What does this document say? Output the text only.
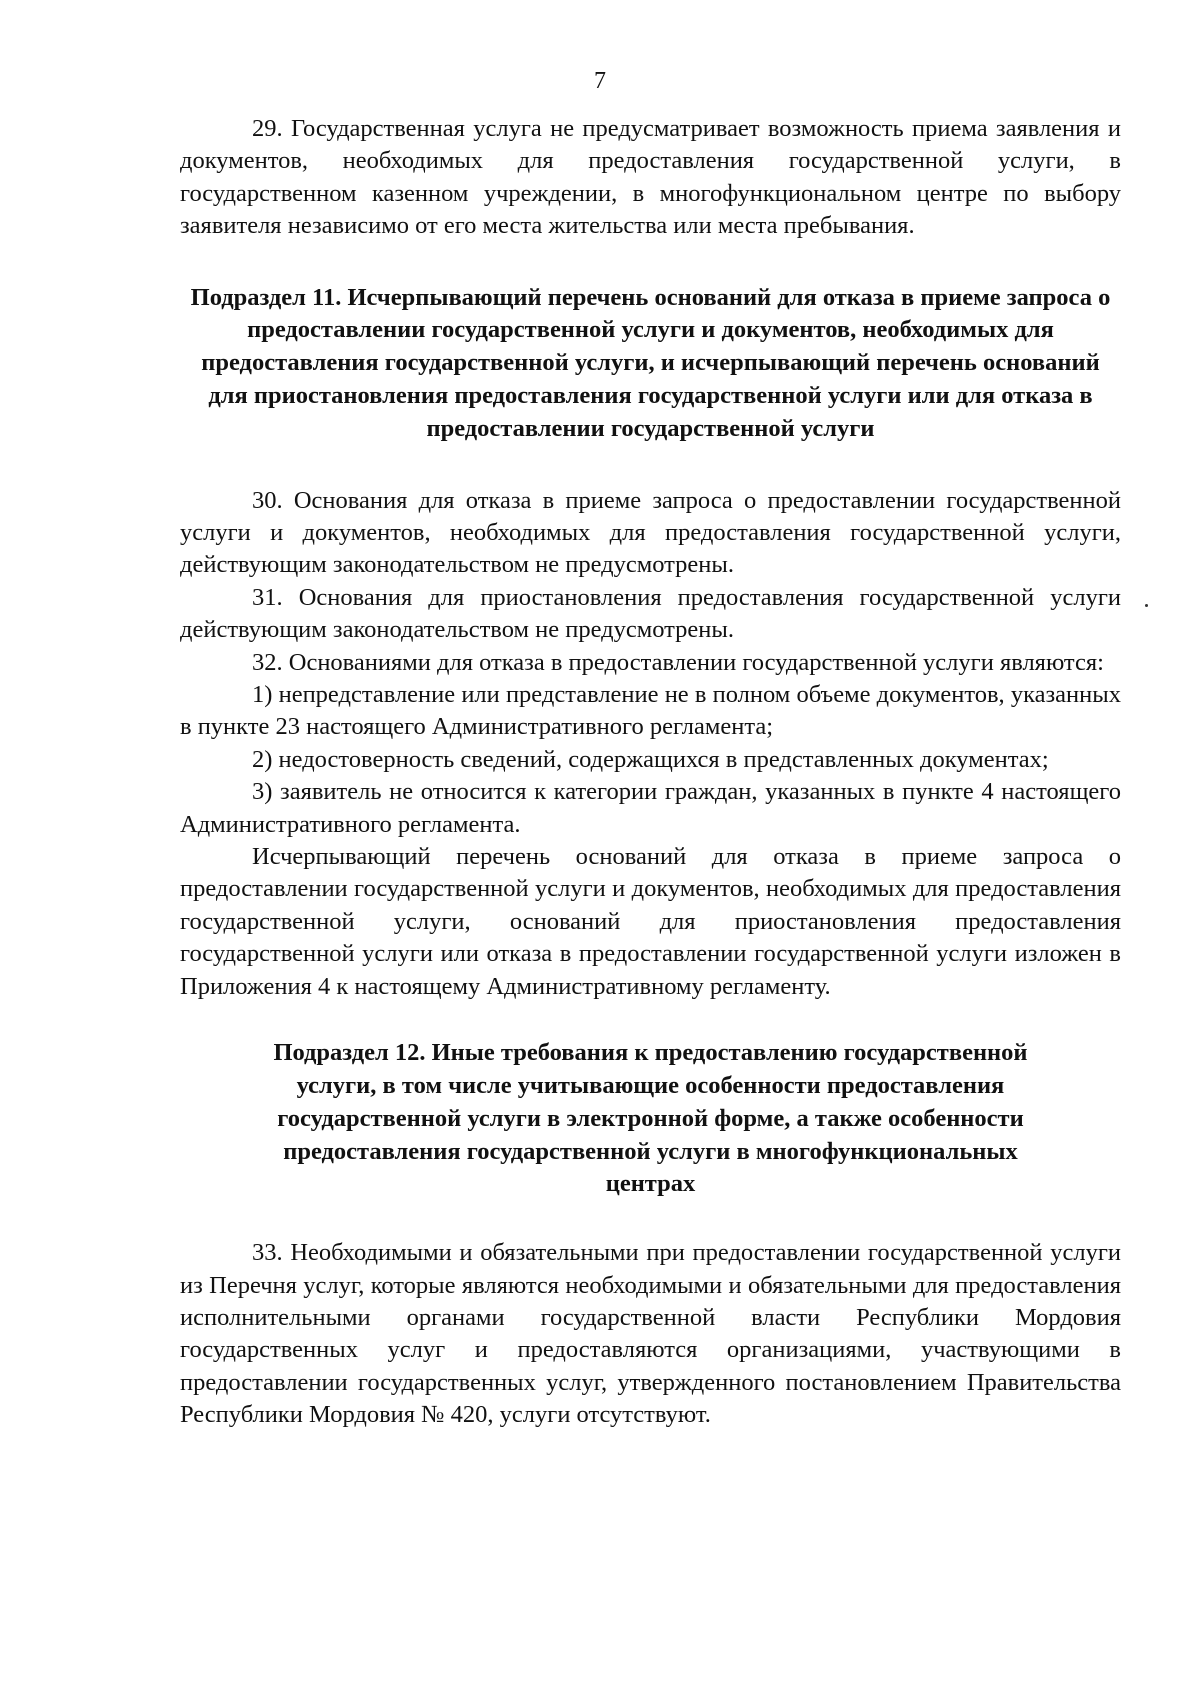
7

29. Государственная услуга не предусматривает возможность приема заявления и документов, необходимых для предоставления государственной услуги, в государственном казенном учреждении, в многофункциональном центре по выбору заявителя независимо от его места жительства или места пребывания.

Подраздел 11. Исчерпывающий перечень оснований для отказа в приеме запроса о предоставлении государственной услуги и документов, необходимых для предоставления государственной услуги, и исчерпывающий перечень оснований для приостановления предоставления государственной услуги или для отказа в предоставлении государственной услуги

30. Основания для отказа в приеме запроса о предоставлении государственной услуги и документов, необходимых для предоставления государственной услуги, действующим законодательством не предусмотрены.

31. Основания для приостановления предоставления государственной услуги действующим законодательством не предусмотрены.

32. Основаниями для отказа в предоставлении государственной услуги являются:

1) непредставление или представление не в полном объеме документов, указанных в пункте 23 настоящего Административного регламента;

2) недостоверность сведений, содержащихся в представленных документах;

3) заявитель не относится к категории граждан, указанных в пункте 4 настоящего Административного регламента.

Исчерпывающий перечень оснований для отказа в приеме запроса о предоставлении государственной услуги и документов, необходимых для предоставления государственной услуги, оснований для приостановления предоставления государственной услуги или отказа в предоставлении государственной услуги изложен в Приложения 4 к настоящему Административному регламенту.

Подраздел 12. Иные требования к предоставлению государственной услуги, в том числе учитывающие особенности предоставления государственной услуги в электронной форме, а также особенности предоставления государственной услуги в многофункциональных центрах

33. Необходимыми и обязательными при предоставлении государственной услуги из Перечня услуг, которые являются необходимыми и обязательными для предоставления исполнительными органами государственной власти Республики Мордовия государственных услуг и предоставляются организациями, участвующими в предоставлении государственных услуг, утвержденного постановлением Правительства Республики Мордовия № 420, услуги отсутствуют.
